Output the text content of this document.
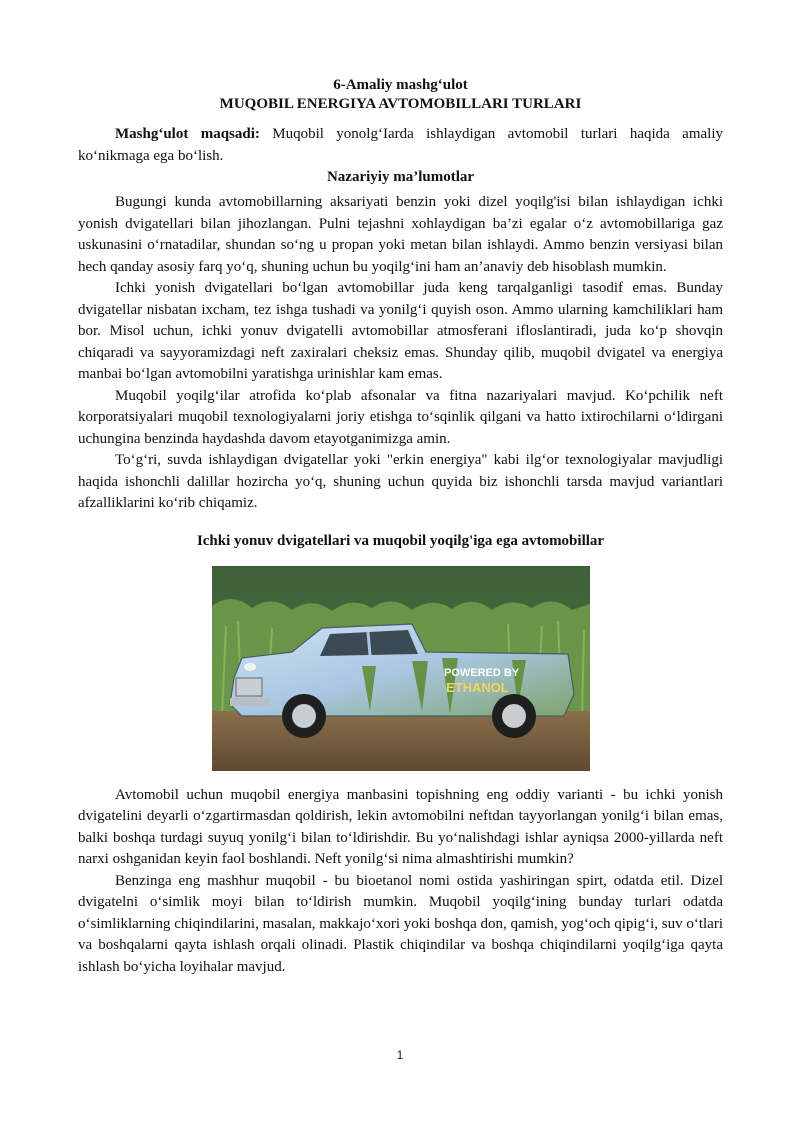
6-Amaliy mashg‘ulot

MUQOBIL ENERGIYA AVTOMOBILLARI TURLARI

Mashg‘ulot maqsadi: Muqobil yonolg‘Iarda ishlaydigan avtomobil turlari haqida amaliy ko‘nikmaga ega bo‘lish.

Nazariyiy ma’lumotlar

Bugungi kunda avtomobillarning aksariyati benzin yoki dizel yoqilg'isi bilan ishlaydigan ichki yonish dvigatellari bilan jihozlangan. Pulni tejashni xohlaydigan ba’zi egalar o‘z avtomobillariga gaz uskunasini o‘rnatadilar, shundan so‘ng u propan yoki metan bilan ishlaydi. Ammo benzin versiyasi bilan hech qanday asosiy farq yo‘q, shuning uchun bu yoqilg‘ini ham an’anaviy deb hisoblash mumkin.

Ichki yonish dvigatellari bo‘lgan avtomobillar juda keng tarqalganligi tasodif emas. Bunday dvigatellar nisbatan ixcham, tez ishga tushadi va yonilg‘i quyish oson. Ammo ularning kamchiliklari ham bor. Misol uchun, ichki yonuv dvigatelli avtomobillar atmosferani ifloslantiradi, juda ko‘p shovqin chiqaradi va sayyoramizdagi neft zaxiralari cheksiz emas. Shunday qilib, muqobil dvigatel va energiya manbai bo‘lgan avtomobilni yaratishga urinishlar kam emas.

Muqobil yoqilg‘ilar atrofida ko‘plab afsonalar va fitna nazariyalari mavjud. Ko‘pchilik neft korporatsiyalari muqobil texnologiyalarni joriy etishga to‘sqinlik qilgani va hatto ixtirochilarni o‘ldirgani uchungina benzinda haydashda davom etayotganimizga amin.

To‘g‘ri, suvda ishlaydigan dvigatellar yoki "erkin energiya" kabi ilg‘or texnologiyalar mavjudligi haqida ishonchli dalillar hozircha yo‘q, shuning uchun quyida biz ishonchli tarsda mavjud variantlari afzalliklarini ko‘rib chiqamiz.

Ichki yonuv dvigatellari va muqobil yoqilg'iga ega avtomobillar

POWERED BY
ETHANOL

Avtomobil uchun muqobil energiya manbasini topishning eng oddiy varianti - bu ichki yonish dvigatelini deyarli o‘zgartirmasdan qoldirish, lekin avtomobilni neftdan tayyorlangan yonilg‘i bilan emas, balki boshqa turdagi suyuq yonilg‘i bilan to‘ldirishdir. Bu yo‘nalishdagi ishlar ayniqsa 2000-yillarda neft narxi oshganidan keyin faol boshlandi. Neft yonilg‘si nima almashtirishi mumkin?

Benzinga eng mashhur muqobil - bu bioetanol nomi ostida yashiringan spirt, odatda etil. Dizel dvigatelni o‘simlik moyi bilan to‘ldirish mumkin. Muqobil yoqilg‘ining bunday turlari odatda o‘simliklarning chiqindilarini, masalan, makkajo‘xori yoki boshqa don, qamish, yog‘och qipig‘i, suv o‘tlari va boshqalarni qayta ishlash orqali olinadi. Plastik chiqindilar va boshqa chiqindilarni yoqilg‘iga qayta ishlash bo‘yicha loyihalar mavjud.

1
